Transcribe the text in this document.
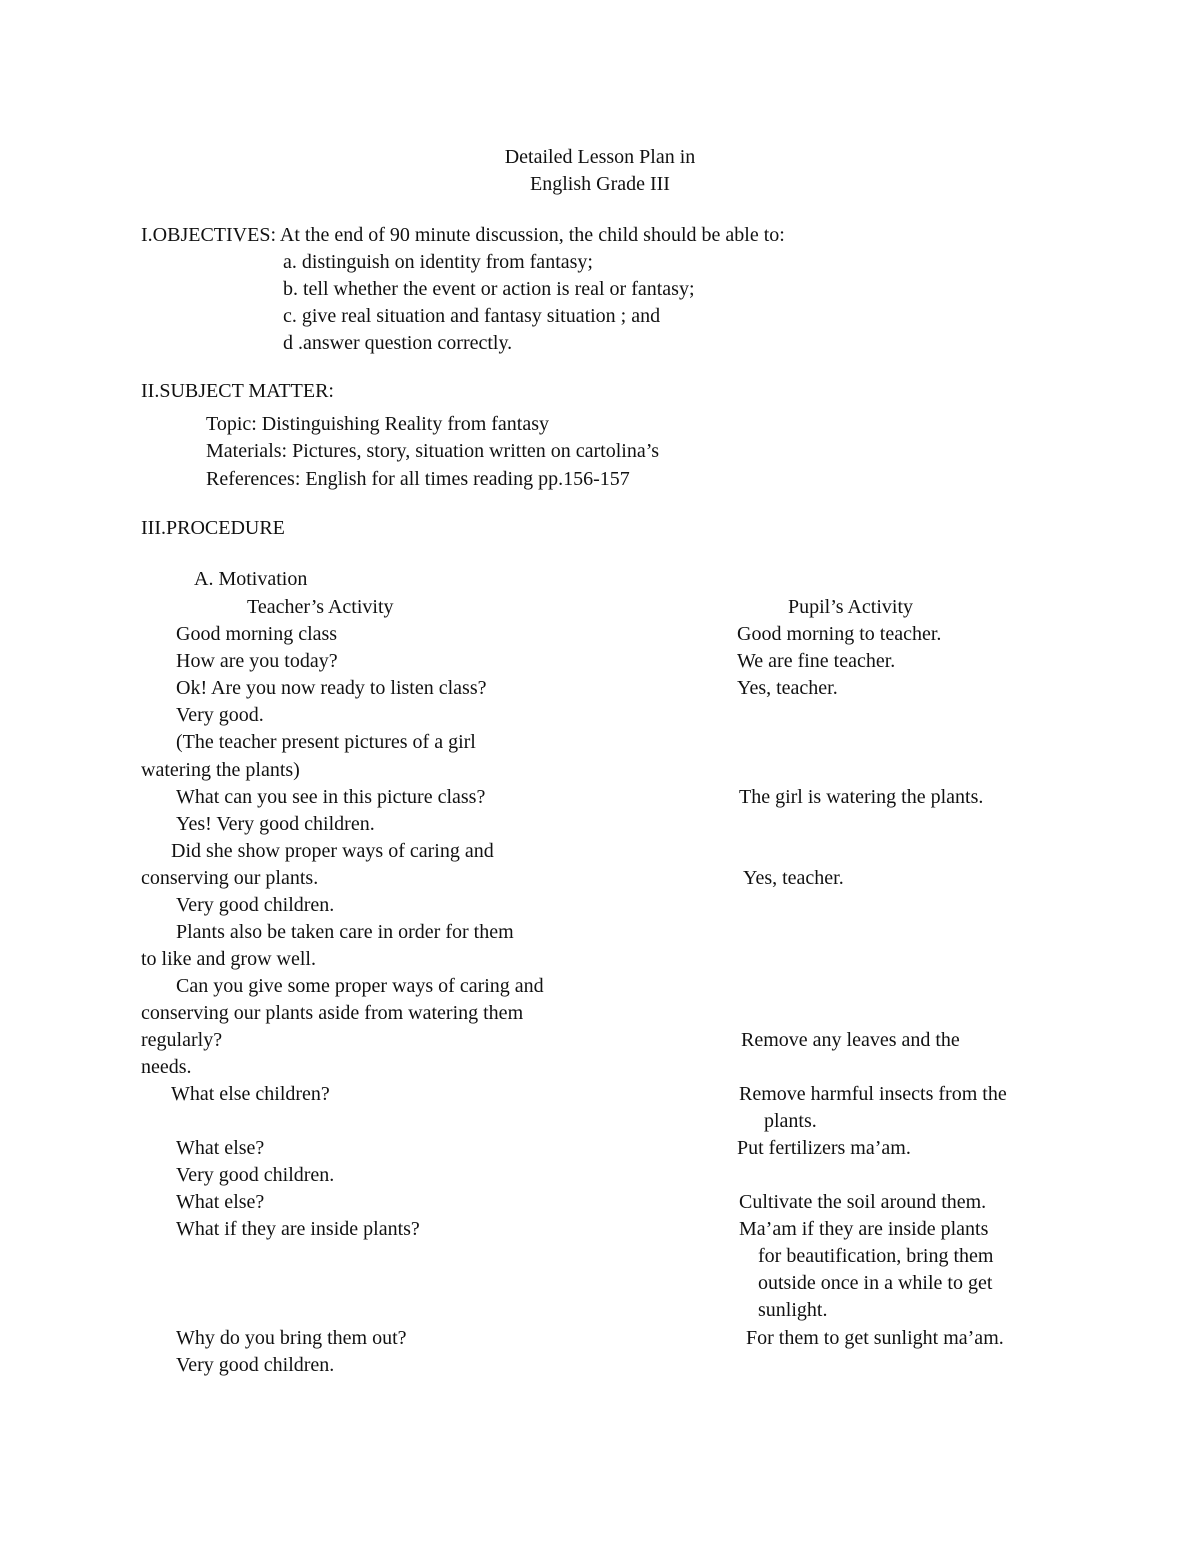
Detailed Lesson Plan in
English Grade III
I.OBJECTIVES: At the end of 90 minute discussion, the child should be able to:
a. distinguish on identity from fantasy;
b. tell whether the event or action is real or fantasy;
c. give real situation and fantasy situation ; and
d .answer question correctly.
II.SUBJECT MATTER:
Topic: Distinguishing Reality from fantasy
Materials: Pictures, story, situation written on cartolina’s
References: English for all times reading pp.156-157
III.PROCEDURE
A. Motivation
Teacher’s Activity	Pupil’s Activity
Good morning class
How are you today?
Ok! Are you now ready to listen class?
Very good.
(The teacher present pictures of a girl
watering the plants)
What can you see in this picture class?
Yes! Very good children.
Did she show proper ways of caring and
conserving our plants.
Very good children.
Plants also be taken care in order for them
to like and grow well.
Can you give some proper ways of caring and
conserving our plants aside from watering them
regularly?
needs.
What else children?
What else?
Very good children.
What else?
What if they are inside plants?
Why do you bring them out?
Very good children.
Good morning to teacher.
We are fine teacher.
Yes, teacher.
The girl is watering the plants.
Yes, teacher.
Remove any leaves and the
Remove harmful insects from the
plants.
Put fertilizers ma’am.
Cultivate the soil around them.
Ma’am if they are inside plants
for beautification, bring them
outside once in a while to get
sunlight.
For them to get sunlight ma’am.
